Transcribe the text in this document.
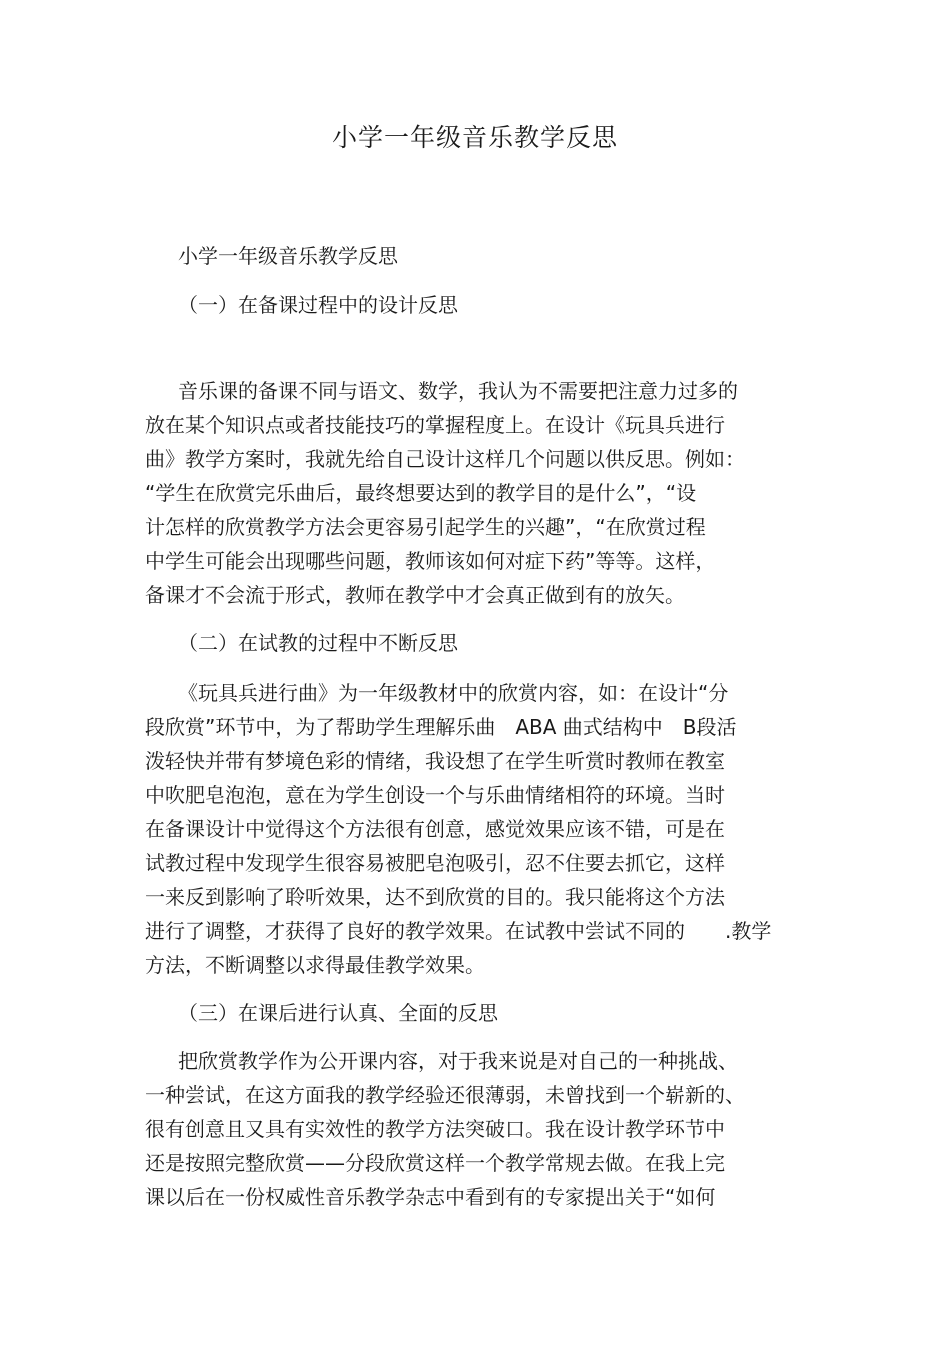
小学一年级音乐教学反思
小学一年级音乐教学反思
（一）在备课过程中的设计反思
音乐课的备课不同与语文、数学，我认为不需要把注意力过多的
放在某个知识点或者技能技巧的掌握程度上。在设计《玩具兵进行
曲》教学方案时，我就先给自己设计这样几个问题以供反思。例如：
“学生在欣赏完乐曲后，最终想要达到的教学目的是什么”，“设
计怎样的欣赏教学方法会更容易引起学生的兴趣”，“在欣赏过程
中学生可能会出现哪些问题，教师该如何对症下药”等等。这样，
备课才不会流于形式，教师在教学中才会真正做到有的放矢。
（二）在试教的过程中不断反思
《玩具兵进行曲》为一年级教材中的欣赏内容，如：在设计“分
段欣赏”环节中，为了帮助学生理解乐曲　ABA 曲式结构中　B段活
泼轻快并带有梦境色彩的情绪，我设想了在学生听赏时教师在教室
中吹肥皂泡泡，意在为学生创设一个与乐曲情绪相符的环境。当时
在备课设计中觉得这个方法很有创意，感觉效果应该不错，可是在
试教过程中发现学生很容易被肥皂泡吸引，忍不住要去抓它，这样
一来反到影响了聆听效果，达不到欣赏的目的。我只能将这个方法
进行了调整，才获得了良好的教学效果。在试教中尝试不同的　　.教学
方法，不断调整以求得最佳教学效果。
（三）在课后进行认真、全面的反思
把欣赏教学作为公开课内容，对于我来说是对自己的一种挑战、
一种尝试，在这方面我的教学经验还很薄弱，未曾找到一个崭新的、
很有创意且又具有实效性的教学方法突破口。我在设计教学环节中
还是按照完整欣赏——分段欣赏这样一个教学常规去做。在我上完
课以后在一份权威性音乐教学杂志中看到有的专家提出关于“如何
